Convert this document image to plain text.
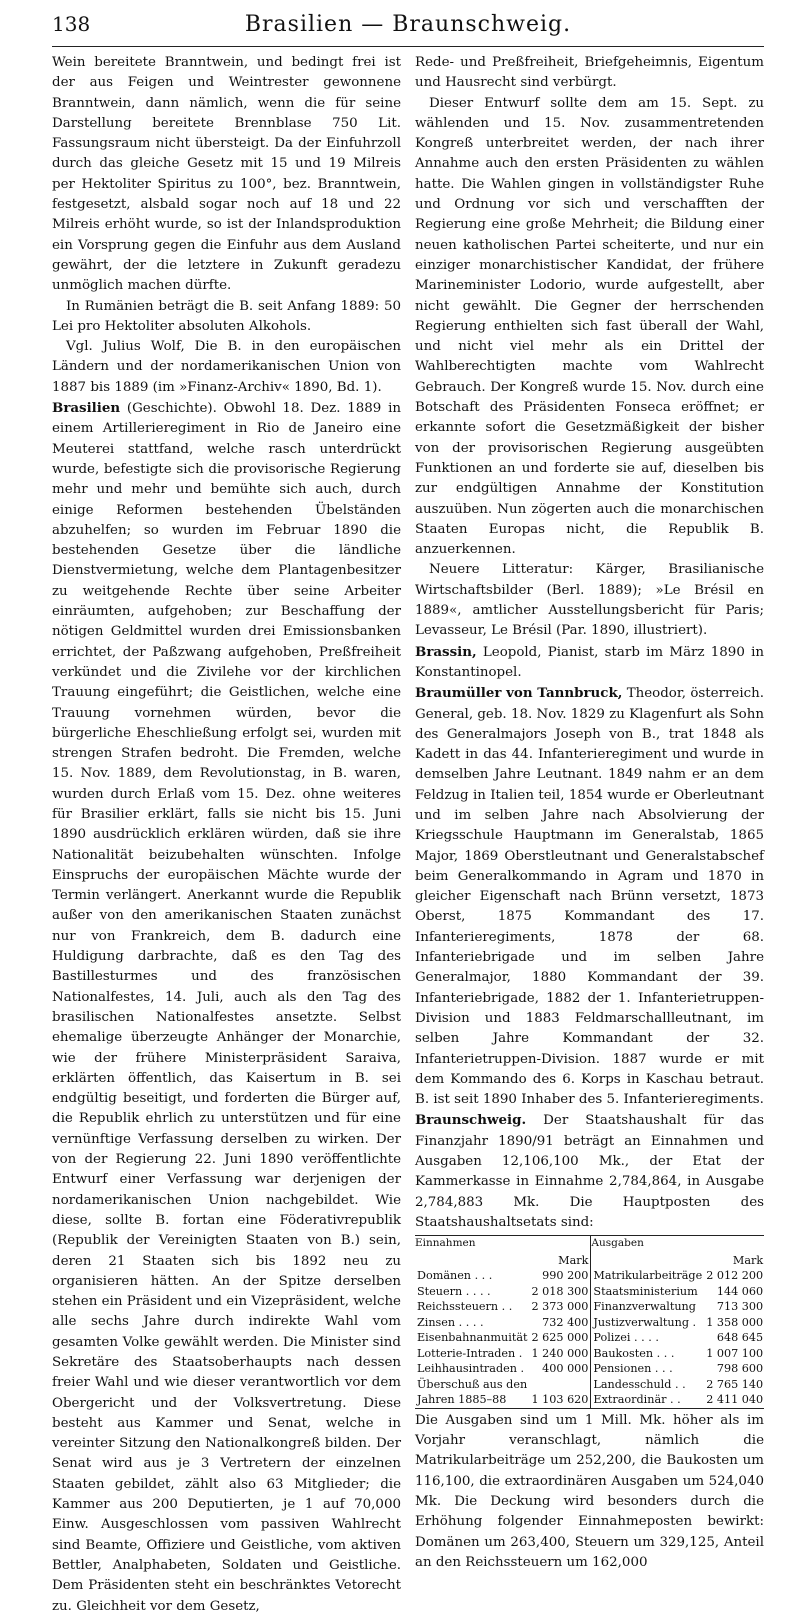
138	Brasilien — Braunschweig.

Wein bereitete Branntwein, und bedingt frei ist der aus Feigen und Weintrester gewonnene Branntwein, dann nämlich, wenn die für seine Darstellung bereitete Brennblase 750 Lit. Fassungsraum nicht übersteigt. Da der Einfuhrzoll durch das gleiche Gesetz mit 15 und 19 Milreis per Hektoliter Spiritus zu 100°, bez. Branntwein, festgesetzt, alsbald sogar noch auf 18 und 22 Milreis erhöht wurde, so ist der Inlandsproduktion ein Vorsprung gegen die Einfuhr aus dem Ausland gewährt, der die letztere in Zukunft geradezu unmöglich machen dürfte.

In Rumänien beträgt die B. seit Anfang 1889: 50 Lei pro Hektoliter absoluten Alkohols.

Vgl. Julius Wolf, Die B. in den europäischen Ländern und der nordamerikanischen Union von 1887 bis 1889 (im »Finanz-Archiv« 1890, Bd. 1).

Brasilien (Geschichte). Obwohl 18. Dez. 1889 in einem Artillerieregiment in Rio de Janeiro eine Meuterei stattfand, welche rasch unterdrückt wurde, befestigte sich die provisorische Regierung mehr und mehr und bemühte sich auch, durch einige Reformen bestehenden Übelständen abzuhelfen; so wurden im Februar 1890 die bestehenden Gesetze über die ländliche Dienstvermietung, welche dem Plantagenbesitzer zu weitgehende Rechte über seine Arbeiter einräumten, aufgehoben; zur Beschaffung der nötigen Geldmittel wurden drei Emissionsbanken errichtet, der Paßzwang aufgehoben, Preßfreiheit verkündet und die Zivilehe vor der kirchlichen Trauung eingeführt; die Geistlichen, welche eine Trauung vornehmen würden, bevor die bürgerliche Eheschließung erfolgt sei, wurden mit strengen Strafen bedroht. Die Fremden, welche 15. Nov. 1889, dem Revolutionstag, in B. waren, wurden durch Erlaß vom 15. Dez. ohne weiteres für Brasilier erklärt, falls sie nicht bis 15. Juni 1890 ausdrücklich erklären würden, daß sie ihre Nationalität beizubehalten wünschten. Infolge Einspruchs der europäischen Mächte wurde der Termin verlängert. Anerkannt wurde die Republik außer von den amerikanischen Staaten zunächst nur von Frankreich, dem B. dadurch eine Huldigung darbrachte, daß es den Tag des Bastillesturmes und des französischen Nationalfestes, 14. Juli, auch als den Tag des brasilischen Nationalfestes ansetzte. Selbst ehemalige überzeugte Anhänger der Monarchie, wie der frühere Ministerpräsident Saraiva, erklärten öffentlich, das Kaisertum in B. sei endgültig beseitigt, und forderten die Bürger auf, die Republik ehrlich zu unterstützen und für eine vernünftige Verfassung derselben zu wirken. Der von der Regierung 22. Juni 1890 veröffentlichte Entwurf einer Verfassung war derjenigen der nordamerikanischen Union nachgebildet. Wie diese, sollte B. fortan eine Föderativrepublik (Republik der Vereinigten Staaten von B.) sein, deren 21 Staaten sich bis 1892 neu zu organisieren hätten. An der Spitze derselben stehen ein Präsident und ein Vizepräsident, welche alle sechs Jahre durch indirekte Wahl vom gesamten Volke gewählt werden. Die Minister sind Sekretäre des Staatsoberhaupts nach dessen freier Wahl und wie dieser verantwortlich vor dem Obergericht und der Volksvertretung. Diese besteht aus Kammer und Senat, welche in vereinter Sitzung den Nationalkongreß bilden. Der Senat wird aus je 3 Vertretern der einzelnen Staaten gebildet, zählt also 63 Mitglieder; die Kammer aus 200 Deputierten, je 1 auf 70,000 Einw. Ausgeschlossen vom passiven Wahlrecht sind Beamte, Offiziere und Geistliche, vom aktiven Bettler, Analphabeten, Soldaten und Geistliche. Dem Präsidenten steht ein beschränktes Vetorecht zu. Gleichheit vor dem Gesetz,

Rede- und Preßfreiheit, Briefgeheimnis, Eigentum und Hausrecht sind verbürgt.

Dieser Entwurf sollte dem am 15. Sept. zu wählenden und 15. Nov. zusammentretenden Kongreß unterbreitet werden, der nach ihrer Annahme auch den ersten Präsidenten zu wählen hatte. Die Wahlen gingen in vollständigster Ruhe und Ordnung vor sich und verschafften der Regierung eine große Mehrheit; die Bildung einer neuen katholischen Partei scheiterte, und nur ein einziger monarchistischer Kandidat, der frühere Marineminister Lodorio, wurde aufgestellt, aber nicht gewählt. Die Gegner der herrschenden Regierung enthielten sich fast überall der Wahl, und nicht viel mehr als ein Drittel der Wahlberechtigten machte vom Wahlrecht Gebrauch. Der Kongreß wurde 15. Nov. durch eine Botschaft des Präsidenten Fonseca eröffnet; er erkannte sofort die Gesetzmäßigkeit der bisher von der provisorischen Regierung ausgeübten Funktionen an und forderte sie auf, dieselben bis zur endgültigen Annahme der Konstitution auszuüben. Nun zögerten auch die monarchischen Staaten Europas nicht, die Republik B. anzuerkennen.

Neuere Litteratur: Kärger, Brasilianische Wirtschaftsbilder (Berl. 1889); »Le Brésil en 1889«, amtlicher Ausstellungsbericht für Paris; Levasseur, Le Brésil (Par. 1890, illustriert).

Brassin, Leopold, Pianist, starb im März 1890 in Konstantinopel.

Braumüller von Tannbruck, Theodor, österreich. General, geb. 18. Nov. 1829 zu Klagenfurt als Sohn des Generalmajors Joseph von B., trat 1848 als Kadett in das 44. Infanterieregiment und wurde in demselben Jahre Leutnant. 1849 nahm er an dem Feldzug in Italien teil, 1854 wurde er Oberleutnant und im selben Jahre nach Absolvierung der Kriegsschule Hauptmann im Generalstab, 1865 Major, 1869 Oberstleutnant und Generalstabschef beim Generalkommando in Agram und 1870 in gleicher Eigenschaft nach Brünn versetzt, 1873 Oberst, 1875 Kommandant des 17. Infanterieregiments, 1878 der 68. Infanteriebrigade und im selben Jahre Generalmajor, 1880 Kommandant der 39. Infanteriebrigade, 1882 der 1. Infanterietruppen-Division und 1883 Feldmarschallleutnant, im selben Jahre Kommandant der 32. Infanterietruppen-Division. 1887 wurde er mit dem Kommando des 6. Korps in Kaschau betraut. B. ist seit 1890 Inhaber des 5. Infanterieregiments.

Braunschweig. Der Staatshaushalt für das Finanzjahr 1890/91 beträgt an Einnahmen und Ausgaben 12,106,100 Mk., der Etat der Kammerkasse in Einnahme 2,784,864, in Ausgabe 2,784,883 Mk. Die Hauptposten des Staatshaushaltsetats sind:

Einnahmen		Ausgaben	
	Mark		Mark
Domänen . . .	990 200	Matrikularbeiträge	2 012 200
Steuern . . . .	2 018 300	Staatsministerium	144 060
Reichssteuern . .	2 373 000	Finanzverwaltung	713 300
Zinsen . . . .	732 400	Justizverwaltung .	1 358 000
Eisenbahnanmuität	2 625 000	Polizei . . . .	648 645
Lotterie-Intraden .	1 240 000	Baukosten . . .	1 007 100
Leihhausintraden .	400 000	Pensionen . . .	798 600
Überschuß aus den		Landesschuld . .	2 765 140
Jahren 1885–88	1 103 620	Extraordinär . .	2 411 040

Die Ausgaben sind um 1 Mill. Mk. höher als im Vorjahr veranschlagt, nämlich die Matrikularbeiträge um 252,200, die Baukosten um 116,100, die extraordinären Ausgaben um 524,040 Mk. Die Deckung wird besonders durch die Erhöhung folgender Einnahmeposten bewirkt: Domänen um 263,400, Steuern um 329,125, Anteil an den Reichssteuern um 162,000
